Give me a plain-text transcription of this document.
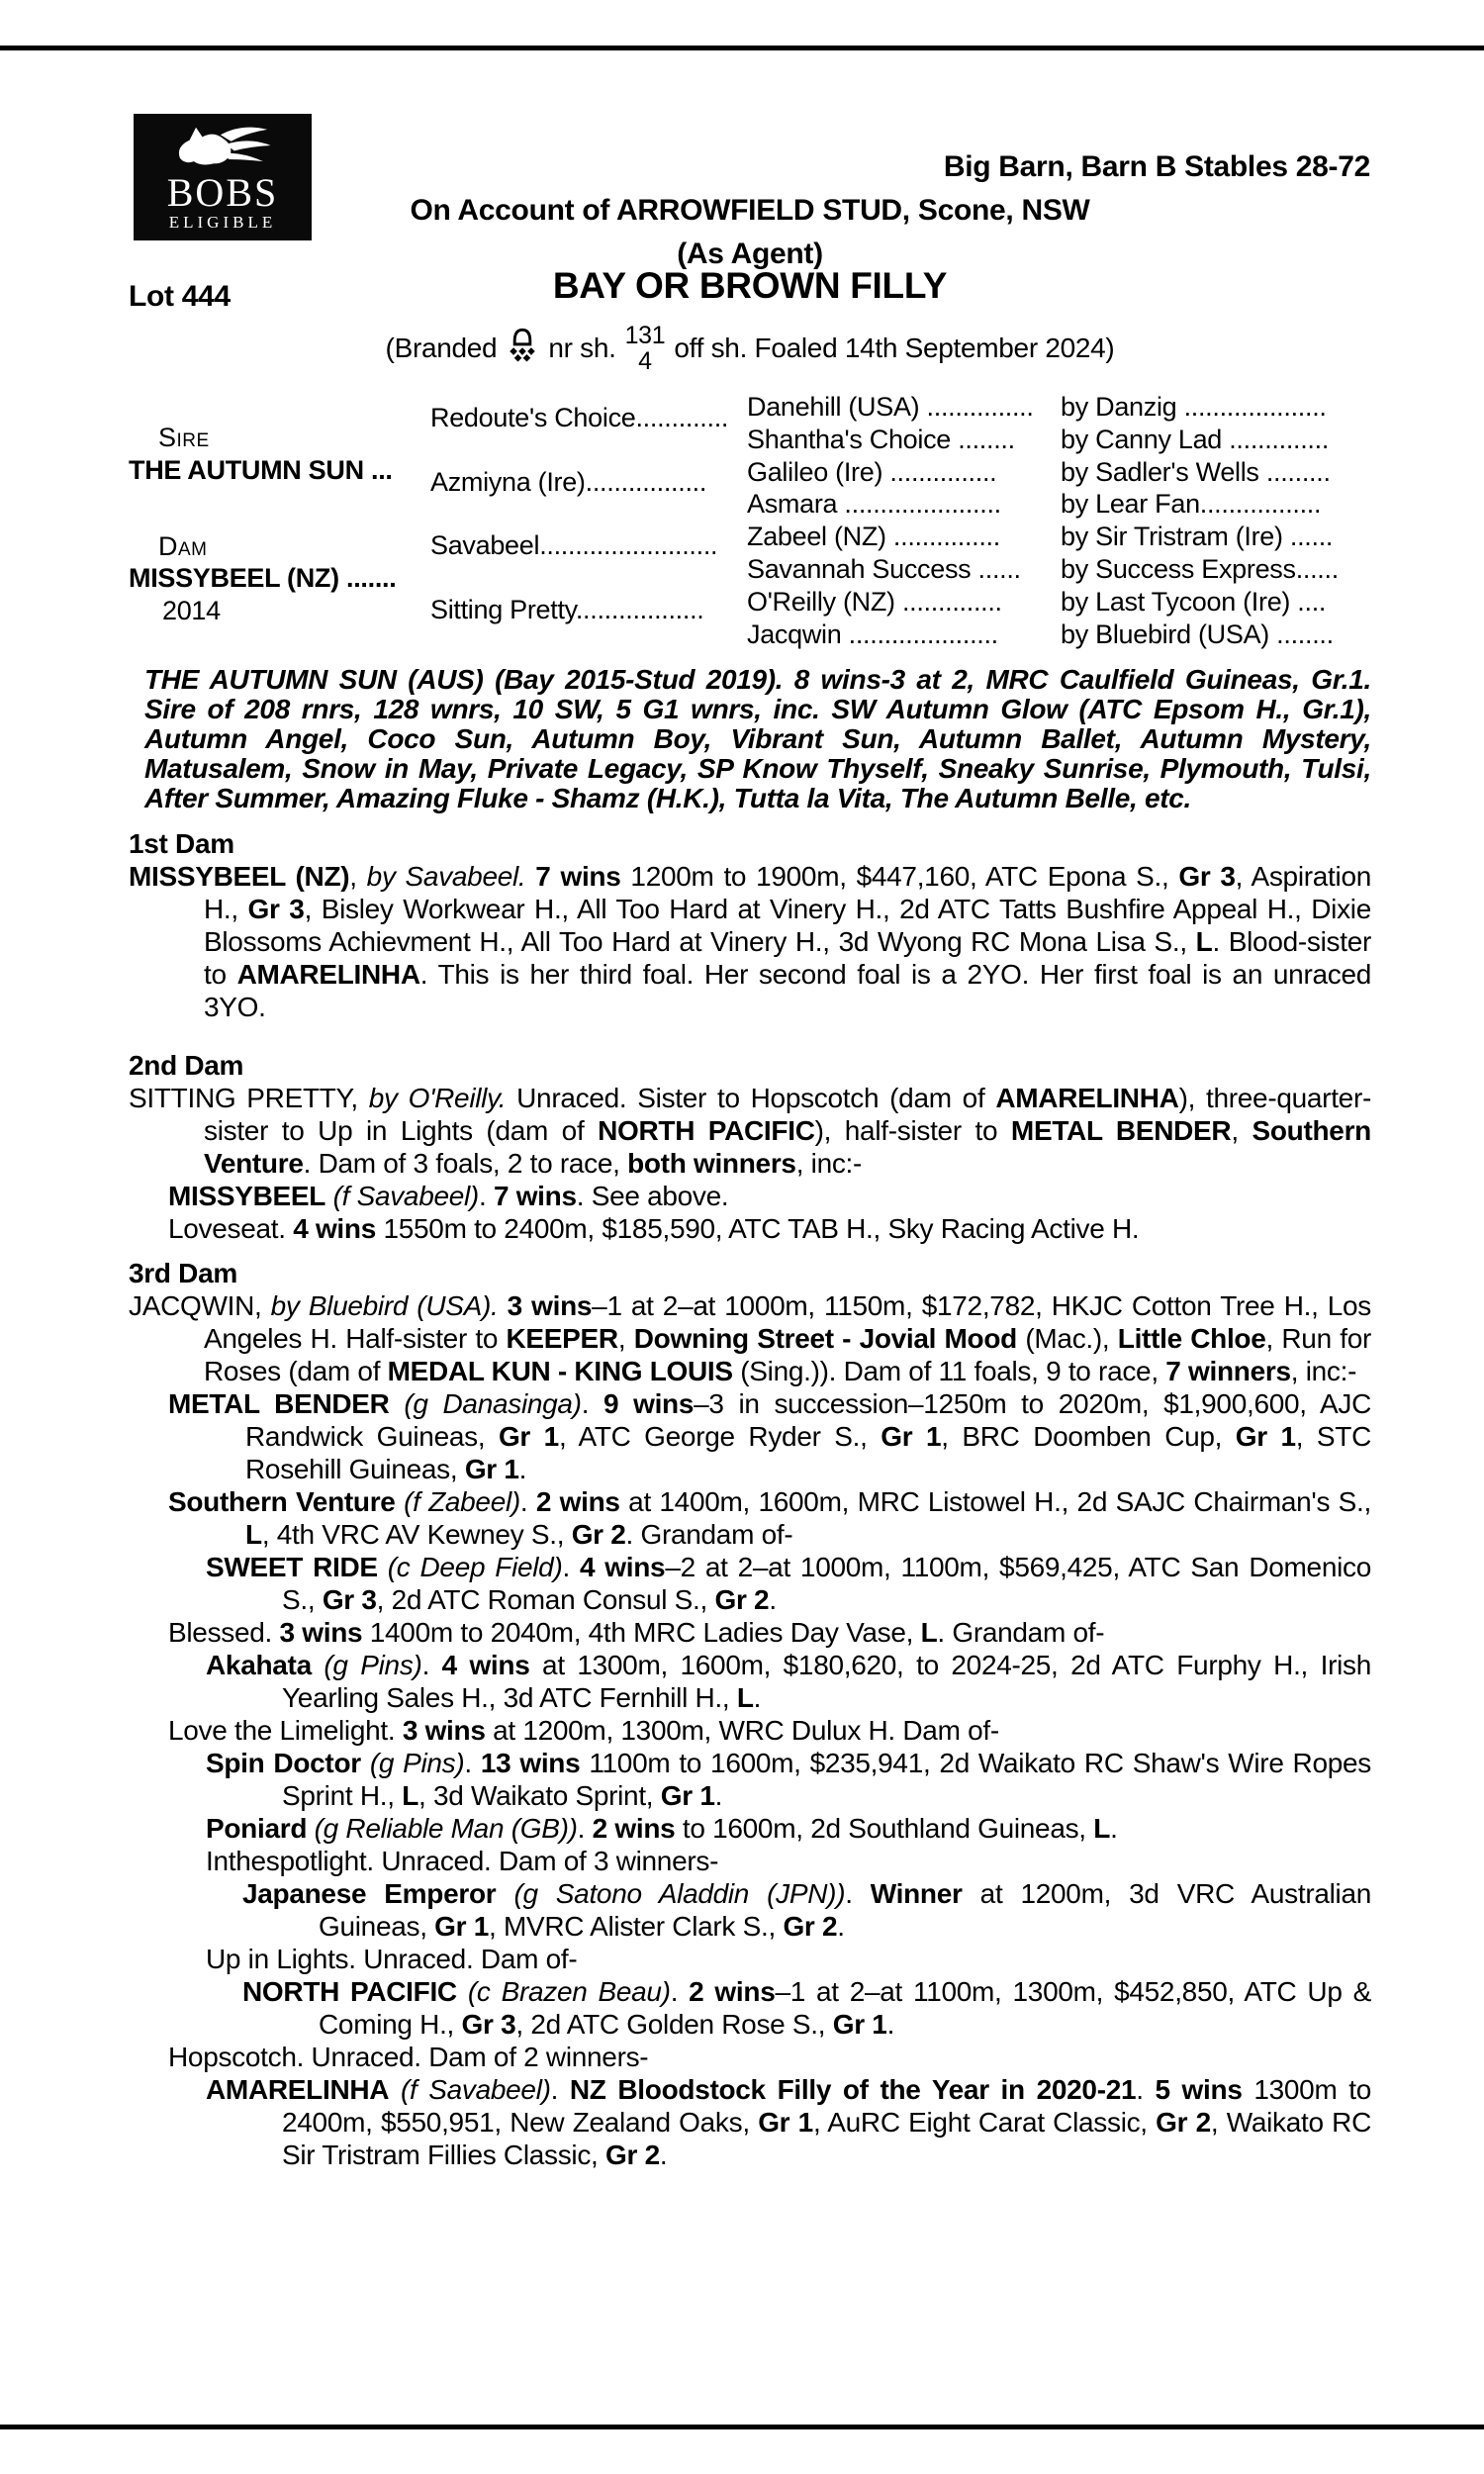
BOBS
ELIGIBLE
Big Barn, Barn B Stables 28-72
On Account of ARROWFIELD STUD, Scone, NSW
(As Agent)
Lot 444	BAY OR BROWN FILLY
(Branded nr sh. 131
4 off sh. Foaled 14th September 2024)
Sire
THE AUTUMN SUN ...
Dam
MISSYBEEL (NZ) .......
2014
Redoute's Choice.............
Azmiyna (Ire).................
Savabeel.........................
Sitting Pretty..................
Danehill (USA) ...............
Shantha's Choice ........
Galileo (Ire) ...............
Asmara ......................
Zabeel (NZ) ...............
Savannah Success ......
O'Reilly (NZ) ..............
Jacqwin .....................
by Danzig ....................
by Canny Lad ..............
by Sadler's Wells .........
by Lear Fan.................
by Sir Tristram (Ire) ......
by Success Express......
by Last Tycoon (Ire) ....
by Bluebird (USA) ........
THE AUTUMN SUN (AUS) (Bay 2015-Stud 2019). 8 wins-3 at 2, MRC Caulfield Guineas, Gr.1. Sire of 208 rnrs, 128 wnrs, 10 SW, 5 G1 wnrs, inc. SW Autumn Glow (ATC Epsom H., Gr.1), Autumn Angel, Coco Sun, Autumn Boy, Vibrant Sun, Autumn Ballet, Autumn Mystery, Matusalem, Snow in May, Private Legacy, SP Know Thyself, Sneaky Sunrise, Plymouth, Tulsi, After Summer, Amazing Fluke - Shamz (H.K.), Tutta la Vita, The Autumn Belle, etc.
1st Dam
MISSYBEEL (NZ), by Savabeel. 7 wins 1200m to 1900m, $447,160, ATC Epona S., Gr 3, Aspiration H., Gr 3, Bisley Workwear H., All Too Hard at Vinery H., 2d ATC Tatts Bushfire Appeal H., Dixie Blossoms Achievment H., All Too Hard at Vinery H., 3d Wyong RC Mona Lisa S., L. Blood-sister to AMARELINHA. This is her third foal. Her second foal is a 2YO. Her first foal is an unraced 3YO.
2nd Dam
SITTING PRETTY, by O'Reilly. Unraced. Sister to Hopscotch (dam of AMARELINHA), three-quarter-sister to Up in Lights (dam of NORTH PACIFIC), half-sister to METAL BENDER, Southern Venture. Dam of 3 foals, 2 to race, both winners, inc:-
MISSYBEEL (f Savabeel). 7 wins. See above.
Loveseat. 4 wins 1550m to 2400m, $185,590, ATC TAB H., Sky Racing Active H.
3rd Dam
JACQWIN, by Bluebird (USA). 3 wins–1 at 2–at 1000m, 1150m, $172,782, HKJC Cotton Tree H., Los Angeles H. Half-sister to KEEPER, Downing Street - Jovial Mood (Mac.), Little Chloe, Run for Roses (dam of MEDAL KUN - KING LOUIS (Sing.)). Dam of 11 foals, 9 to race, 7 winners, inc:-
METAL BENDER (g Danasinga). 9 wins–3 in succession–1250m to 2020m, $1,900,600, AJC Randwick Guineas, Gr 1, ATC George Ryder S., Gr 1, BRC Doomben Cup, Gr 1, STC Rosehill Guineas, Gr 1.
Southern Venture (f Zabeel). 2 wins at 1400m, 1600m, MRC Listowel H., 2d SAJC Chairman's S., L, 4th VRC AV Kewney S., Gr 2. Grandam of-
SWEET RIDE (c Deep Field). 4 wins–2 at 2–at 1000m, 1100m, $569,425, ATC San Domenico S., Gr 3, 2d ATC Roman Consul S., Gr 2.
Blessed. 3 wins 1400m to 2040m, 4th MRC Ladies Day Vase, L. Grandam of-
Akahata (g Pins). 4 wins at 1300m, 1600m, $180,620, to 2024-25, 2d ATC Furphy H., Irish Yearling Sales H., 3d ATC Fernhill H., L.
Love the Limelight. 3 wins at 1200m, 1300m, WRC Dulux H. Dam of-
Spin Doctor (g Pins). 13 wins 1100m to 1600m, $235,941, 2d Waikato RC Shaw's Wire Ropes Sprint H., L, 3d Waikato Sprint, Gr 1.
Poniard (g Reliable Man (GB)). 2 wins to 1600m, 2d Southland Guineas, L.
Inthespotlight. Unraced. Dam of 3 winners-
Japanese Emperor (g Satono Aladdin (JPN)). Winner at 1200m, 3d VRC Australian Guineas, Gr 1, MVRC Alister Clark S., Gr 2.
Up in Lights. Unraced. Dam of-
NORTH PACIFIC (c Brazen Beau). 2 wins–1 at 2–at 1100m, 1300m, $452,850, ATC Up & Coming H., Gr 3, 2d ATC Golden Rose S., Gr 1.
Hopscotch. Unraced. Dam of 2 winners-
AMARELINHA (f Savabeel). NZ Bloodstock Filly of the Year in 2020-21. 5 wins 1300m to 2400m, $550,951, New Zealand Oaks, Gr 1, AuRC Eight Carat Classic, Gr 2, Waikato RC Sir Tristram Fillies Classic, Gr 2.
